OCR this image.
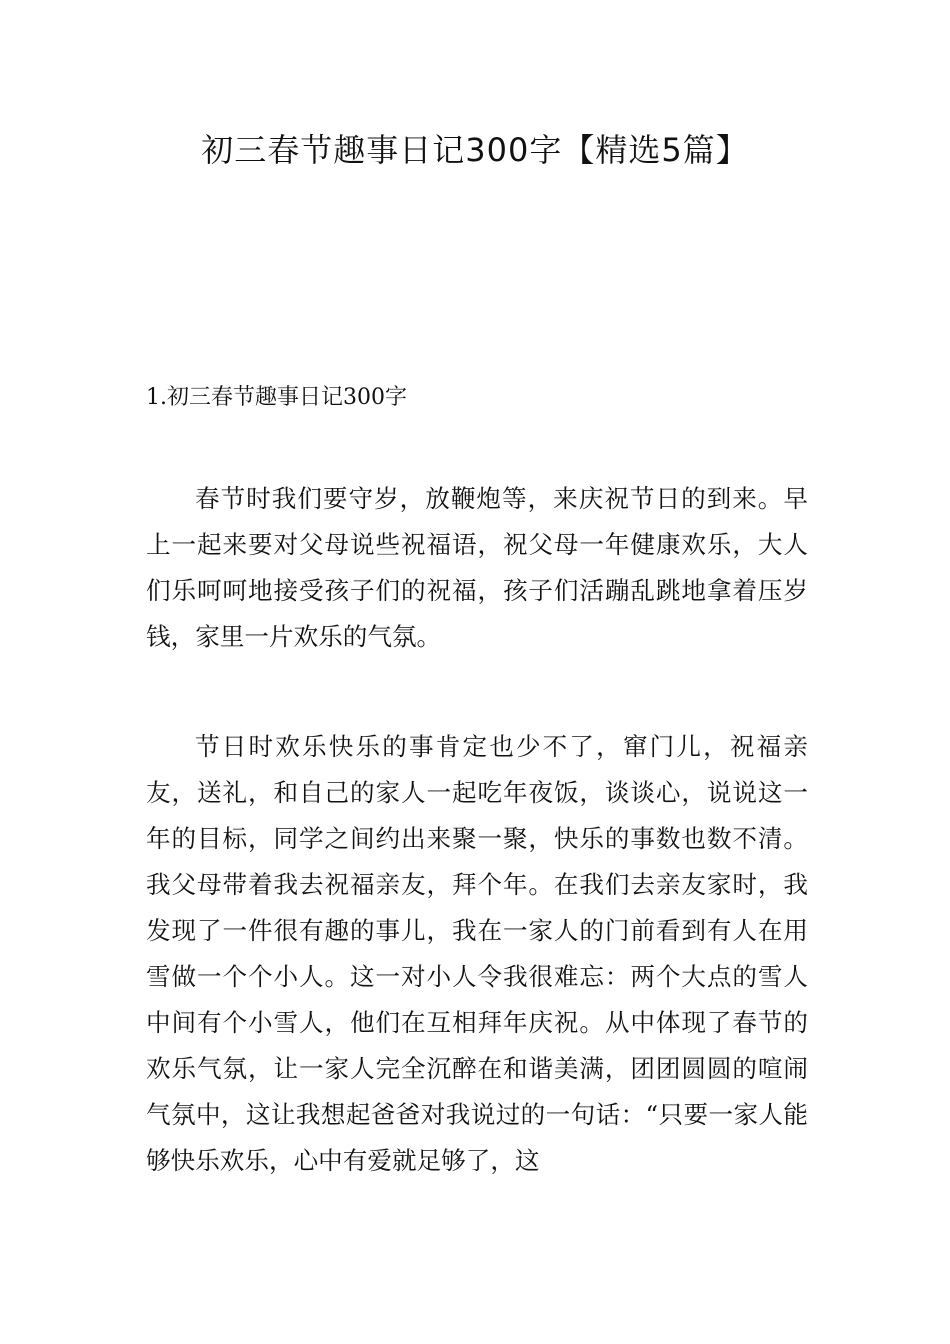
初三春节趣事日记300字【精选5篇】
1.初三春节趣事日记300字

春节时我们要守岁，放鞭炮等，来庆祝节日的到来。早上一起来要对父母说些祝福语，祝父母一年健康欢乐，大人们乐呵呵地接受孩子们的祝福，孩子们活蹦乱跳地拿着压岁钱，家里一片欢乐的气氛。

节日时欢乐快乐的事肯定也少不了，窜门儿，祝福亲友，送礼，和自己的家人一起吃年夜饭，谈谈心，说说这一年的目标，同学之间约出来聚一聚，快乐的事数也数不清。我父母带着我去祝福亲友，拜个年。在我们去亲友家时，我发现了一件很有趣的事儿，我在一家人的门前看到有人在用雪做一个个小人。这一对小人令我很难忘：两个大点的雪人中间有个小雪人，他们在互相拜年庆祝。从中体现了春节的欢乐气氛，让一家人完全沉醉在和谐美满，团团圆圆的喧闹气氛中，这让我想起爸爸对我说过的一句话：“只要一家人能够快乐欢乐，心中有爱就足够了，这
